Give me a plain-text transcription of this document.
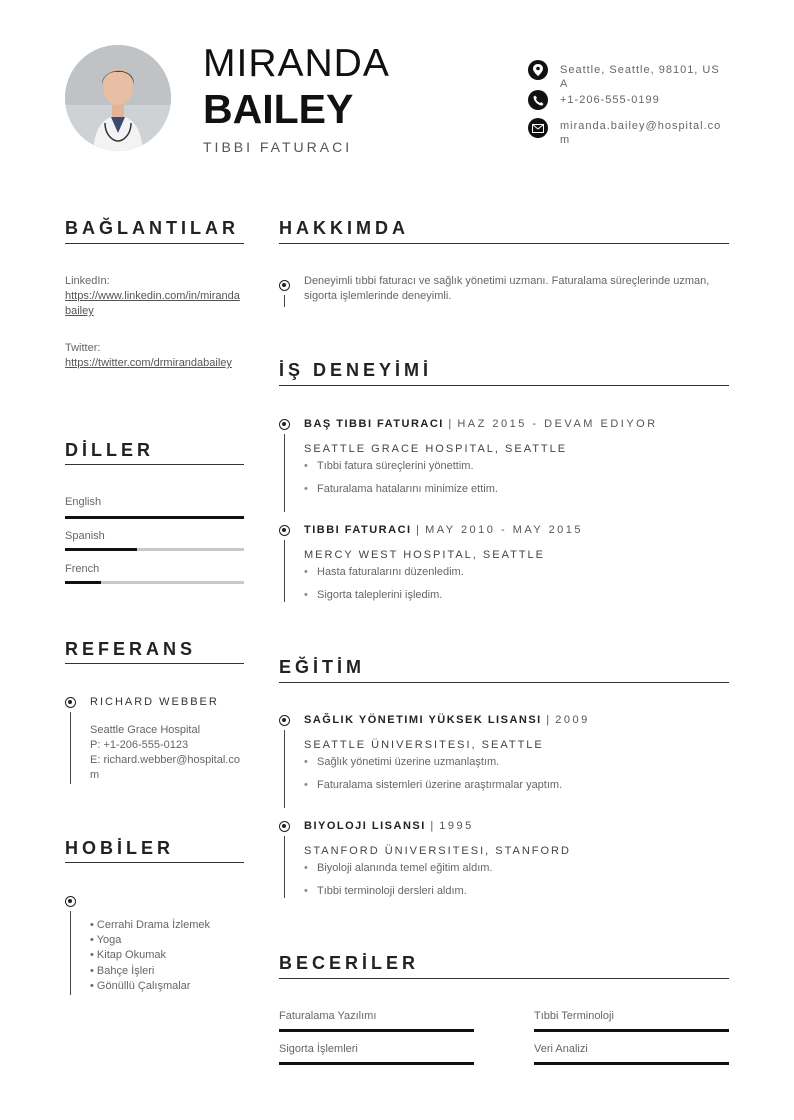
MIRANDA
BAILEY
TIBBI FATURACI
Seattle, Seattle, 98101, USA
+1-206-555-0199
miranda.bailey@hospital.com
BAĞLANTILAR
LinkedIn:
https://www.linkedin.com/in/mirandabailey
Twitter:
https://twitter.com/drmirandabailey
DİLLER
English
Spanish
French
REFERANS
RICHARD WEBBER
Seattle Grace Hospital
P: +1-206-555-0123
E: richard.webber@hospital.com
HOBİLER
• Cerrahi Drama İzlemek
• Yoga
• Kitap Okumak
• Bahçe İşleri
• Gönüllü Çalışmalar
HAKKIMDA
Deneyimli tıbbi faturacı ve sağlık yönetimi uzmanı. Faturalama süreçlerinde uzman, sigorta işlemlerinde deneyimli.
İŞ DENEYİMİ
BAŞ TIBBI FATURACI | HAZ 2015 - DEVAM EDIYOR
SEATTLE GRACE HOSPITAL, SEATTLE
• Tıbbi fatura süreçlerini yönettim.
• Faturalama hatalarını minimize ettim.
TIBBI FATURACI | MAY 2010 - MAY 2015
MERCY WEST HOSPITAL, SEATTLE
• Hasta faturalarını düzenledim.
• Sigorta taleplerini işledim.
EĞİTİM
SAĞLIK YÖNETIMI YÜKSEK LISANSI | 2009
SEATTLE ÜNIVERSITESI, SEATTLE
• Sağlık yönetimi üzerine uzmanlaştım.
• Faturalama sistemleri üzerine araştırmalar yaptım.
BIYOLOJI LISANSI | 1995
STANFORD ÜNIVERSITESI, STANFORD
• Biyoloji alanında temel eğitim aldım.
• Tıbbi terminoloji dersleri aldım.
BECERİLER
Faturalama Yazılımı	Tıbbi Terminoloji
Sigorta İşlemleri	Veri Analizi
